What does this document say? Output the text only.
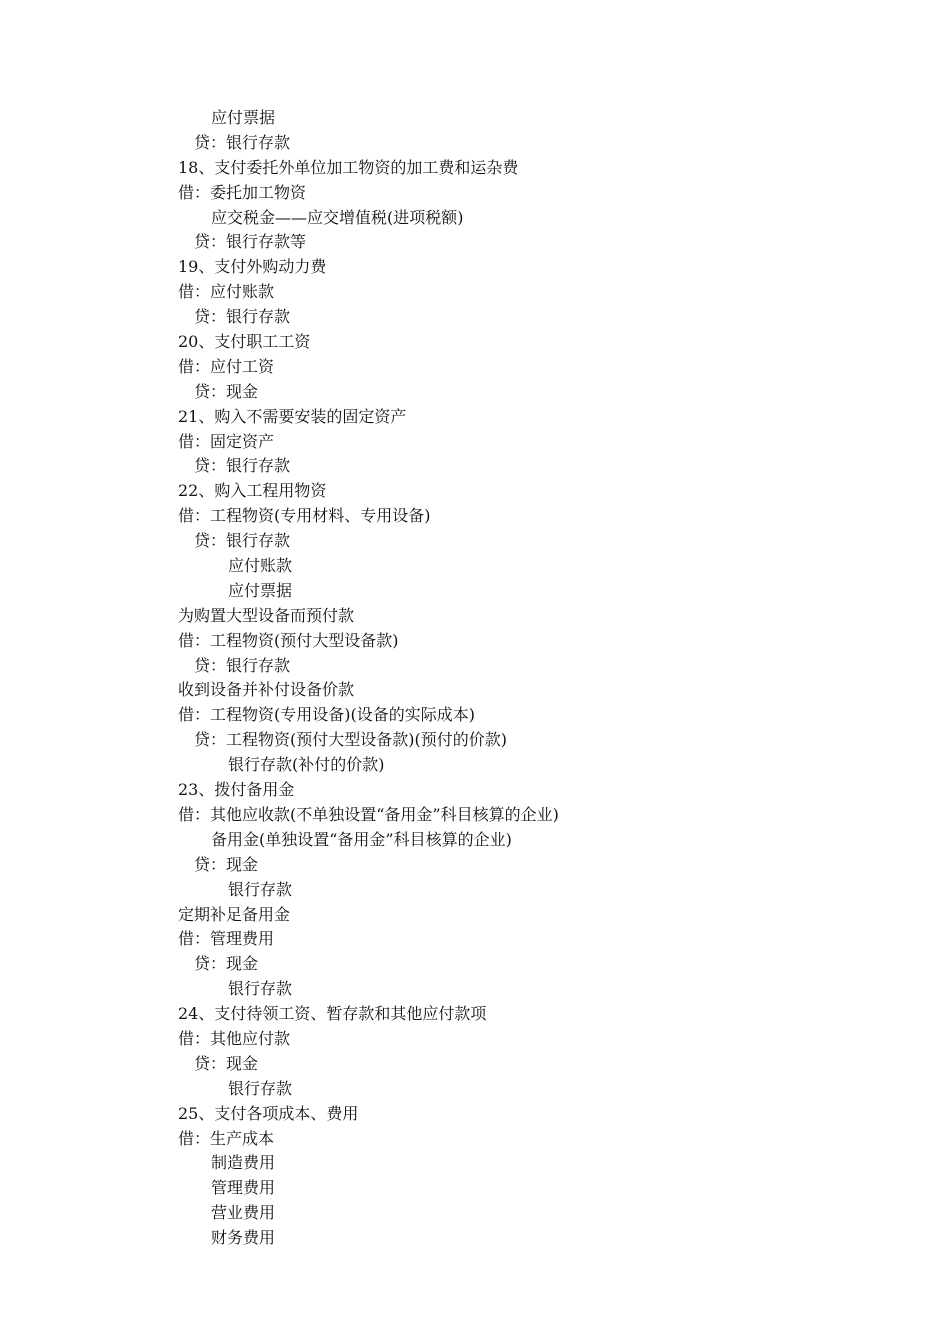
应付票据
贷：银行存款
18、支付委托外单位加工物资的加工费和运杂费
借：委托加工物资
应交税金——应交增值税(进项税额)
贷：银行存款等
19、支付外购动力费
借：应付账款
贷：银行存款
20、支付职工工资
借：应付工资
贷：现金
21、购入不需要安装的固定资产
借：固定资产
贷：银行存款
22、购入工程用物资
借：工程物资(专用材料、专用设备)
贷：银行存款
应付账款
应付票据
为购置大型设备而预付款
借：工程物资(预付大型设备款)
贷：银行存款
收到设备并补付设备价款
借：工程物资(专用设备)(设备的实际成本)
贷：工程物资(预付大型设备款)(预付的价款)
银行存款(补付的价款)
23、拨付备用金
借：其他应收款(不单独设置“备用金”科目核算的企业)
备用金(单独设置“备用金”科目核算的企业)
贷：现金
银行存款
定期补足备用金
借：管理费用
贷：现金
银行存款
24、支付待领工资、暂存款和其他应付款项
借：其他应付款
贷：现金
银行存款
25、支付各项成本、费用
借：生产成本
制造费用
管理费用
营业费用
财务费用
